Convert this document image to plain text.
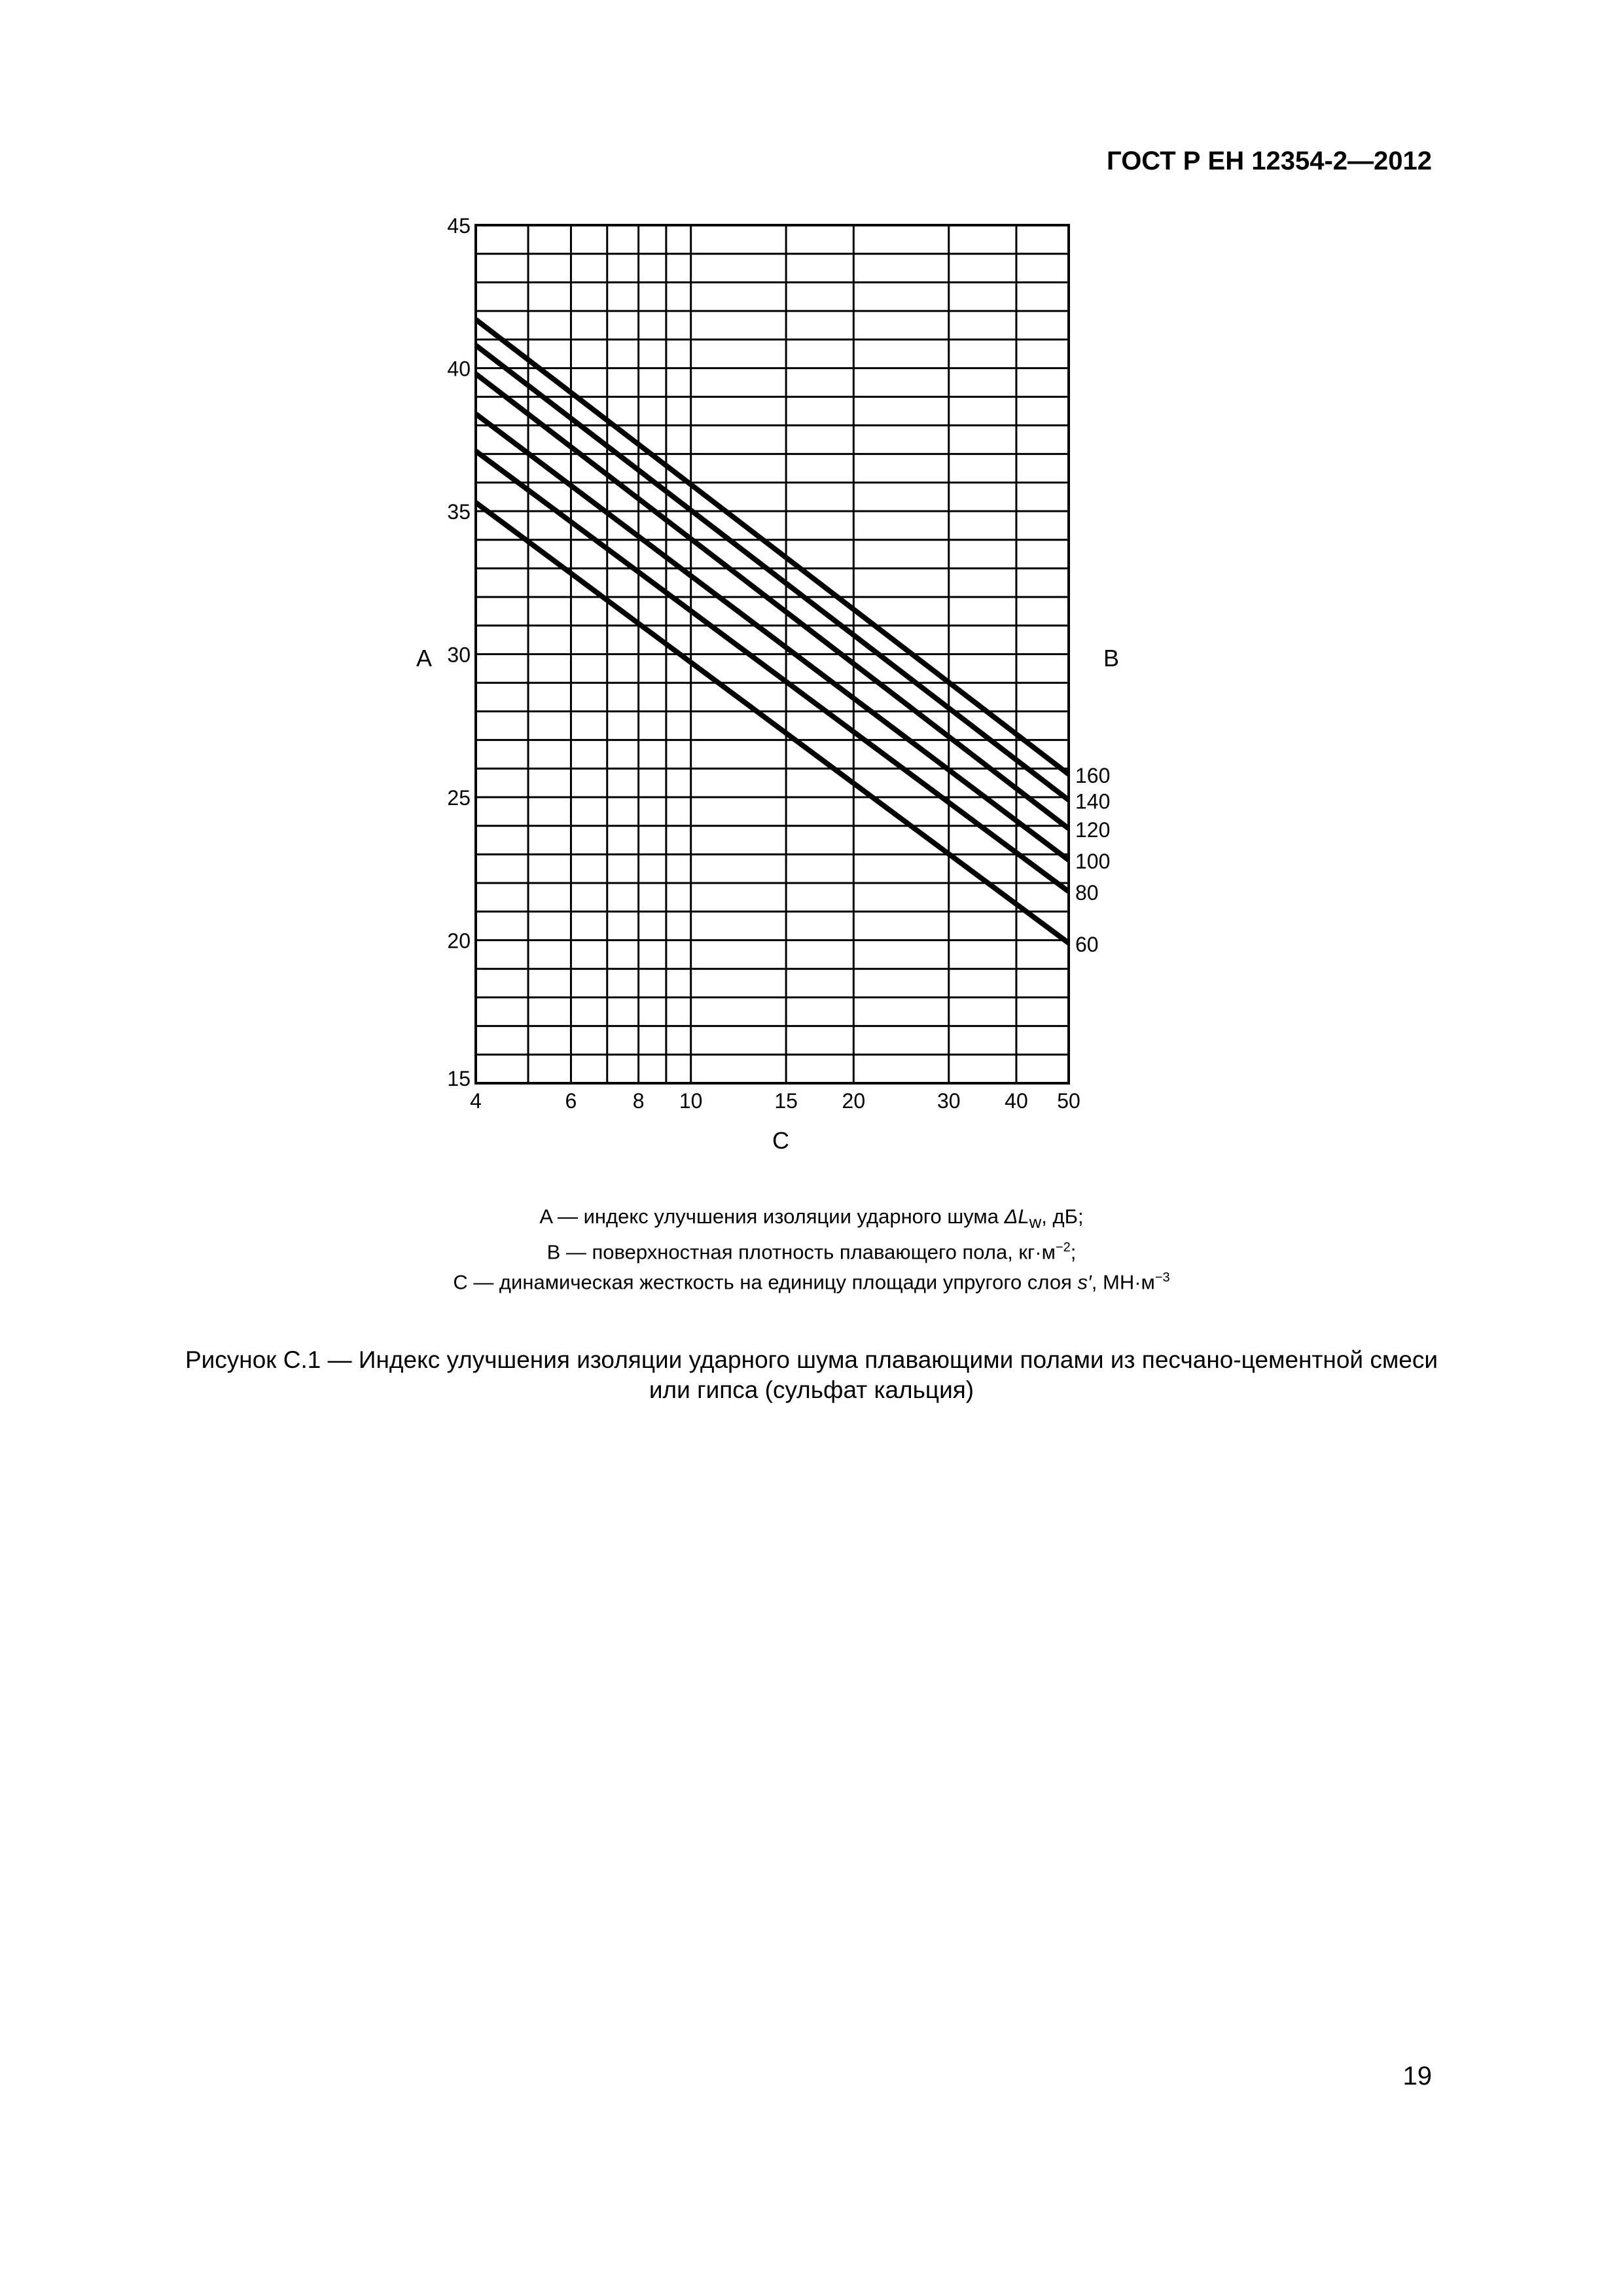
ГОСТ Р ЕН 12354-2—2012
15
20
25
30
35
40
45
4	6	8 10	15 20	30 40 50
160
140
120
100
80
60
A	B
C
A — индекс улучшения изоляции ударного шума $\Delta L_w$, дБ;
B — поверхностная плотность плавающего пола, $кг\cdot м^{-2}$;
C — динамическая жесткость на единицу площади упругого слоя s′, $МН\cdot м^{-3}$
Рисунок С.1 — Индекс улучшения изоляции ударного шума плавающими полами из песчано-цементной смеси
или гипса (сульфат кальция)
19
